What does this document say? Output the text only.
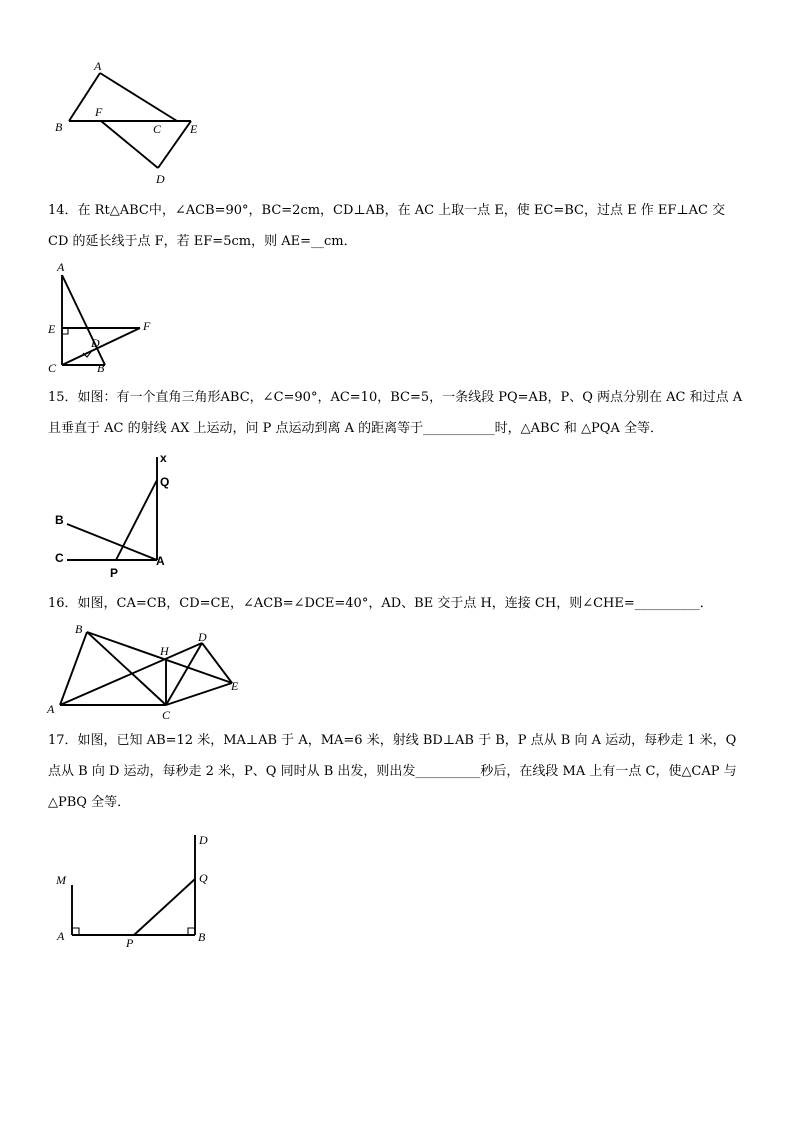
A
B
F
C E
D

14．在 Rt△ABC中，∠ACB=90°，BC=2cm，CD⊥AB，在 AC 上取一点 E，使 EC=BC，过点 E 作 EF⊥AC 交 CD 的延长线于点 F，若 EF=5cm，则 AE=__cm．

A
E	F
D
C	B

15．如图：有一个直角三角形ABC，∠C=90°，AC=10，BC=5，一条线段 PQ=AB，P、Q 两点分别在 AC 和过点 A 且垂直于 AC 的射线 AX 上运动，问 P 点运动到离 A 的距离等于___________时，△ABC 和 △PQA 全等．

x
Q
B
C
P
A

16．如图，CA=CB，CD=CE，∠ACB=∠DCE=40°，AD、BE 交于点 H，连接 CH，则∠CHE=__________．

B
H
D
E
A	C

17．如图，已知 AB=12 米，MA⊥AB 于 A，MA=6 米，射线 BD⊥AB 于 B，P 点从 B 向 A 运动，每秒走 1 米，Q 点从 B 向 D 运动，每秒走 2 米，P、Q 同时从 B 出发，则出发__________秒后，在线段 MA 上有一点 C，使△CAP 与△PBQ 全等．

D
M	Q
A	P	B
